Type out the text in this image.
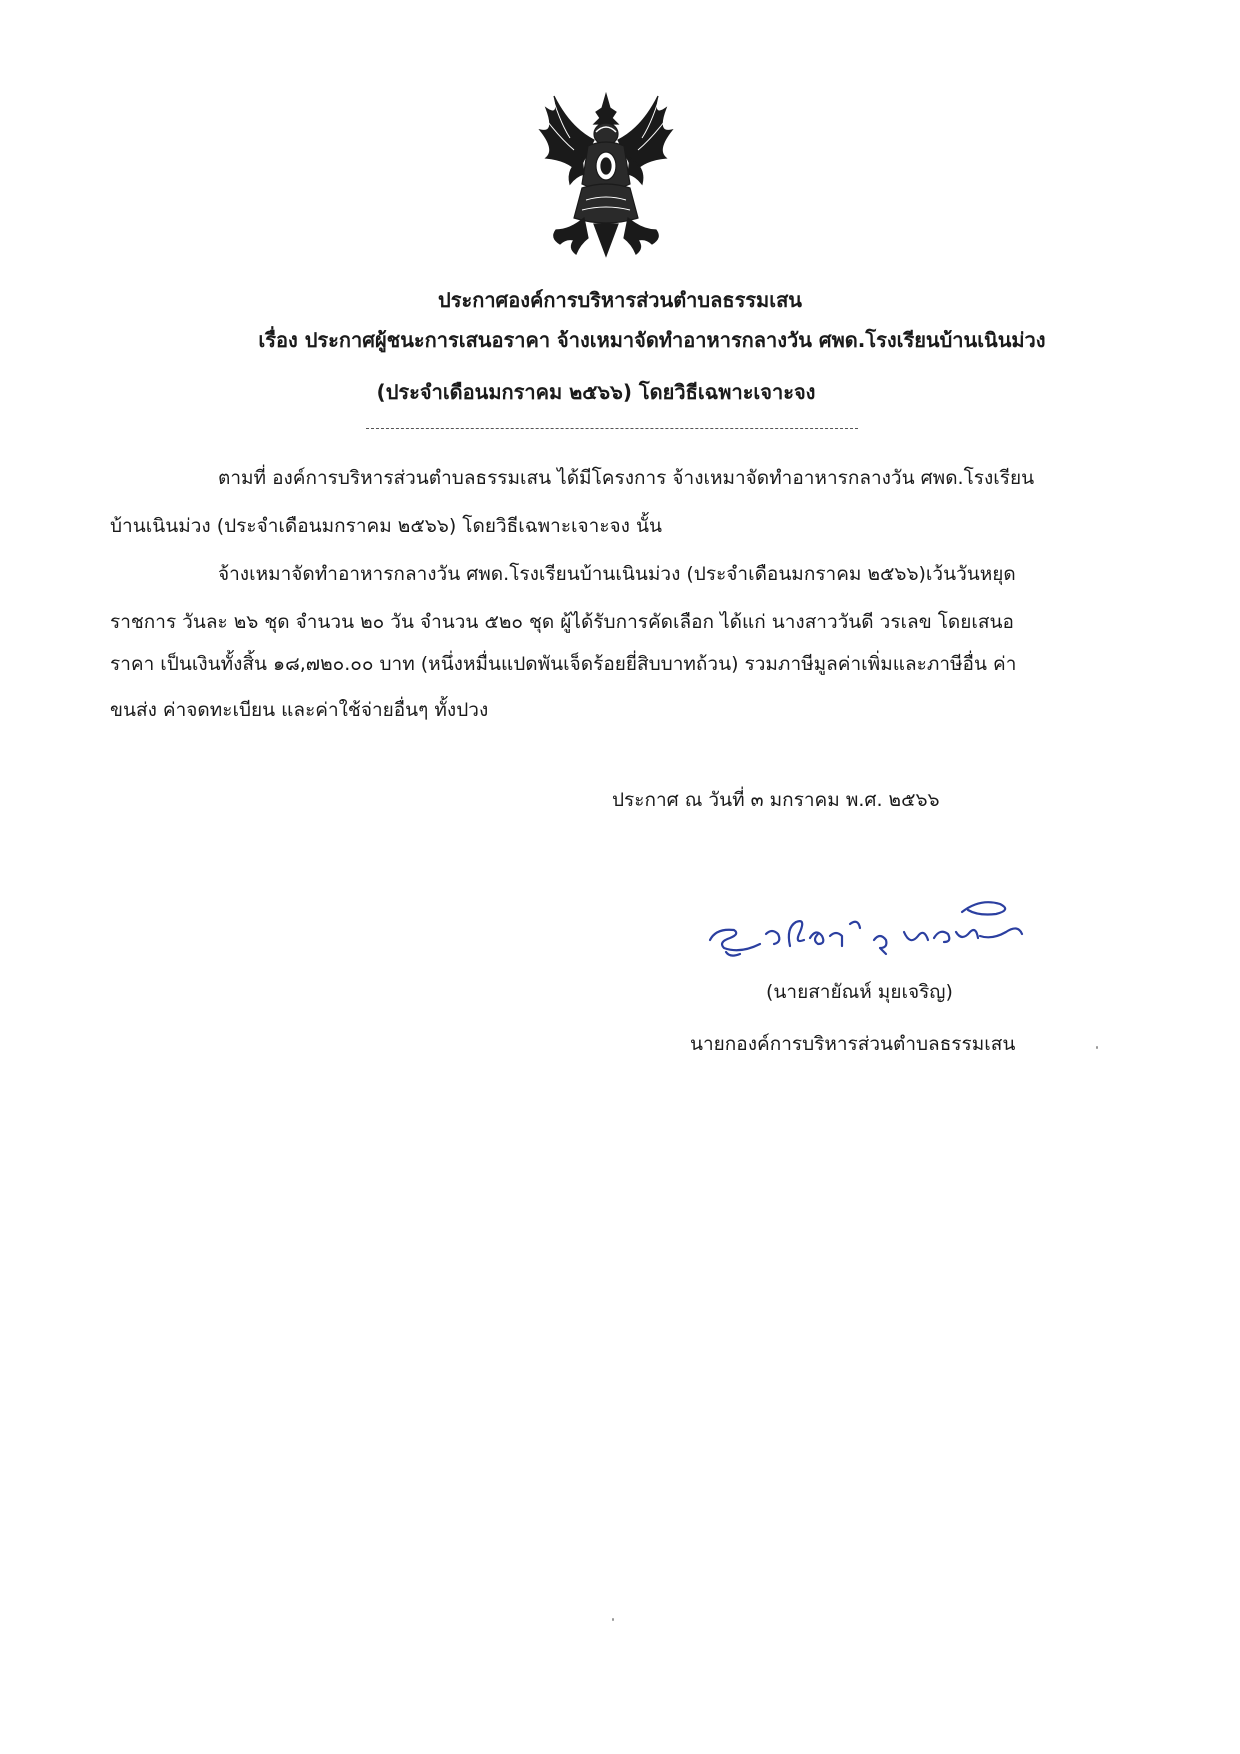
ประกาศองค์การบริหารส่วนตำบลธรรมเสน
เรื่อง ประกาศผู้ชนะการเสนอราคา จ้างเหมาจัดทำอาหารกลางวัน ศพด.โรงเรียนบ้านเนินม่วง
(ประจำเดือนมกราคม ๒๕๖๖) โดยวิธีเฉพาะเจาะจง
ตามที่ องค์การบริหารส่วนตำบลธรรมเสน ได้มีโครงการ จ้างเหมาจัดทำอาหารกลางวัน ศพด.โรงเรียน
บ้านเนินม่วง (ประจำเดือนมกราคม ๒๕๖๖) โดยวิธีเฉพาะเจาะจง นั้น
จ้างเหมาจัดทำอาหารกลางวัน ศพด.โรงเรียนบ้านเนินม่วง (ประจำเดือนมกราคม ๒๕๖๖)เว้นวันหยุด
ราชการ วันละ ๒๖ ชุด จำนวน ๒๐ วัน จำนวน ๕๒๐ ชุด ผู้ได้รับการคัดเลือก ได้แก่ นางสาววันดี วรเลข โดยเสนอ
ราคา เป็นเงินทั้งสิ้น ๑๘,๗๒๐.๐๐ บาท (หนึ่งหมื่นแปดพันเจ็ดร้อยยี่สิบบาทถ้วน) รวมภาษีมูลค่าเพิ่มและภาษีอื่น ค่า
ขนส่ง ค่าจดทะเบียน และค่าใช้จ่ายอื่นๆ ทั้งปวง
ประกาศ ณ วันที่ ๓ มกราคม พ.ศ. ๒๕๖๖
(นายสายัณห์ มุยเจริญ)
นายกองค์การบริหารส่วนตำบลธรรมเสน
